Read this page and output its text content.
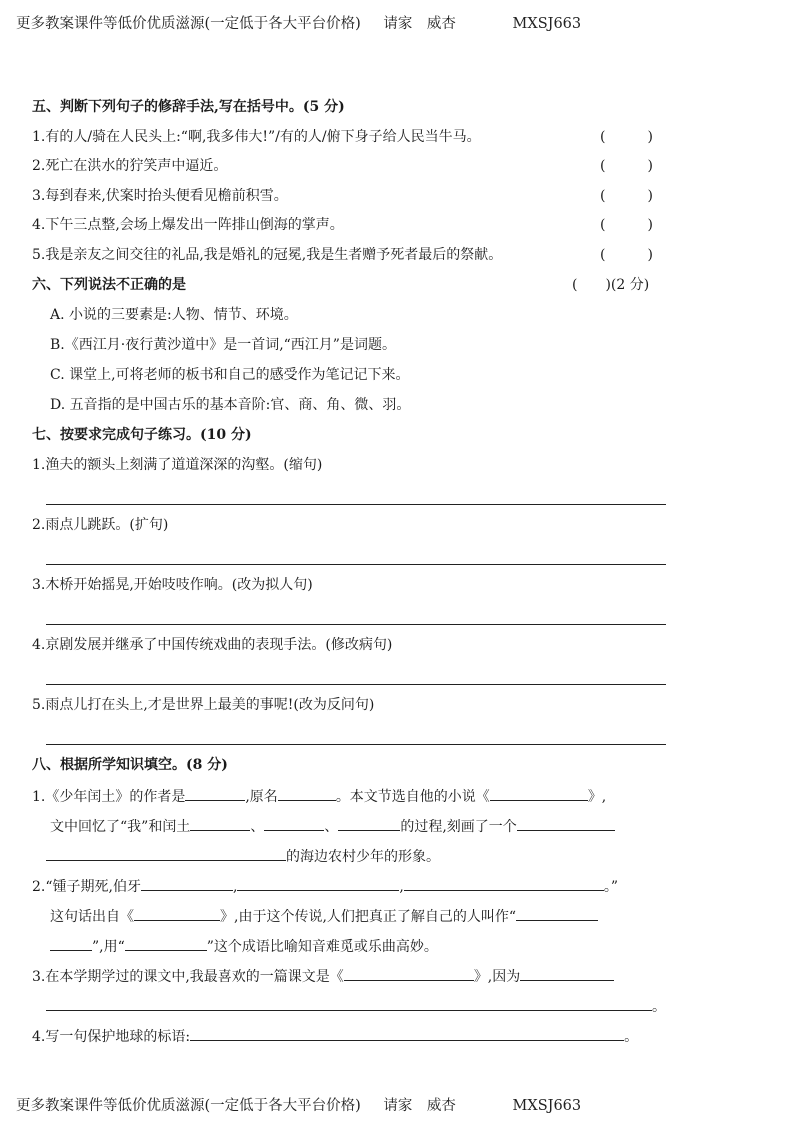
更多教案课件等低价优质滋源(一定低于各大平台价格) 请家　威杏	MXSJ663
五、判断下列句子的修辞手法,写在括号中。(5 分)
1.有的人/骑在人民头上:“啊,我多伟大!”/有的人/俯下身子给人民当牛马。	(　　　)
2.死亡在洪水的狞笑声中逼近。	(　　　)
3.每到春来,伏案时抬头便看见檐前积雪。	(　　　)
4.下午三点整,会场上爆发出一阵排山倒海的掌声。	(　　　)
5.我是亲友之间交往的礼品,我是婚礼的冠冕,我是生者赠予死者最后的祭献。	(　　　)
六、下列说法不正确的是	(　　)(2 分)
A. 小说的三要素是:人物、情节、环境。
B.《西江月·夜行黄沙道中》是一首词,“西江月”是词题。
C. 课堂上,可将老师的板书和自己的感受作为笔记记下来。
D. 五音指的是中国古乐的基本音阶:官、商、角、微、羽。
七、按要求完成句子练习。(10 分)
1.渔夫的额头上刻满了道道深深的沟壑。(缩句)
2.雨点儿跳跃。(扩句)
3.木桥开始摇晃,开始吱吱作响。(改为拟人句)
4.京剧发展并继承了中国传统戏曲的表现手法。(修改病句)
5.雨点儿打在头上,才是世界上最美的事呢!(改为反问句)
八、根据所学知识填空。(8 分)
1.《少年闰土》的作者是	,原名	。本文节选自他的小说《	》,
文中回忆了“我”和闰土	、	、	的过程,刻画了一个
的海边农村少年的形象。
2.“锺子期死,伯牙	,	,	。”
这句话出自《	》,由于这个传说,人们把真正了解自己的人叫作“
”,用“	”这个成语比喻知音难觅或乐曲高妙。
3.在本学期学过的课文中,我最喜欢的一篇课文是《	》,因为
。
4.写一句保护地球的标语:	。
更多教案课件等低价优质滋源(一定低于各大平台价格) 请家　威杏	MXSJ663
